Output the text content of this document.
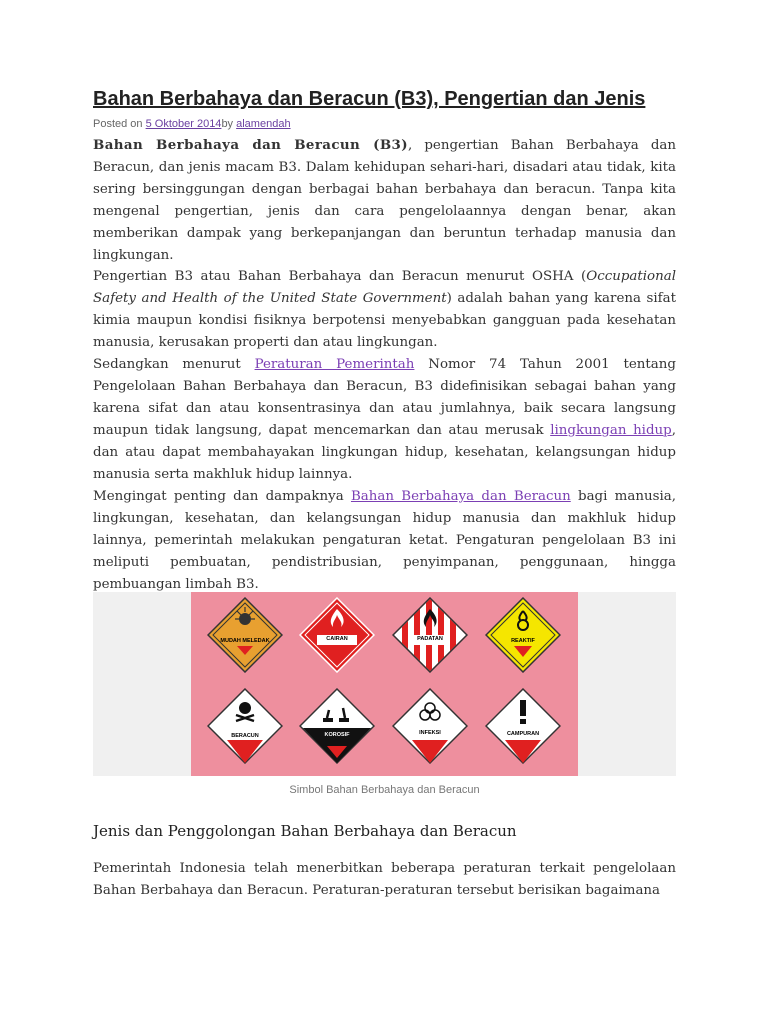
Bahan Berbahaya dan Beracun (B3), Pengertian dan Jenis
Posted on 5 Oktober 2014by alamendah

Bahan Berbahaya dan Beracun (B3), pengertian Bahan Berbahaya dan Beracun, dan jenis macam B3. Dalam kehidupan sehari-hari, disadari atau tidak, kita sering bersinggungan dengan berbagai bahan berbahaya dan beracun. Tanpa kita mengenal pengertian, jenis dan cara pengelolaannya dengan benar, akan memberikan dampak yang berkepanjangan dan beruntun terhadap manusia dan lingkungan.

Pengertian B3 atau Bahan Berbahaya dan Beracun menurut OSHA (Occupational Safety and Health of the United State Government) adalah bahan yang karena sifat kimia maupun kondisi fisiknya berpotensi menyebabkan gangguan pada kesehatan manusia, kerusakan properti dan atau lingkungan.

Sedangkan menurut Peraturan Pemerintah Nomor 74 Tahun 2001 tentang Pengelolaan Bahan Berbahaya dan Beracun, B3 didefinisikan sebagai bahan yang karena sifat dan atau konsentrasinya dan atau jumlahnya, baik secara langsung maupun tidak langsung, dapat mencemarkan dan atau merusak lingkungan hidup, dan atau dapat membahayakan lingkungan hidup, kesehatan, kelangsungan hidup manusia serta makhluk hidup lainnya.

Mengingat penting dan dampaknya Bahan Berbahaya dan Beracun bagi manusia, lingkungan, kesehatan, dan kelangsungan hidup manusia dan makhluk hidup lainnya, pemerintah melakukan pengaturan ketat. Pengaturan pengelolaan B3 ini meliputi pembuatan, pendistribusian, penyimpanan, penggunaan, hingga pembuangan limbah B3.

MUDAH MELEDAK	CAIRAN	PADATAN	REAKTIF
BERACUN	KOROSIF	INFEKSI	CAMPURAN
Simbol Bahan Berbahaya dan Beracun
Jenis dan Penggolongan Bahan Berbahaya dan Beracun

Pemerintah Indonesia telah menerbitkan beberapa peraturan terkait pengelolaan Bahan Berbahaya dan Beracun. Peraturan-peraturan tersebut berisikan bagaimana
